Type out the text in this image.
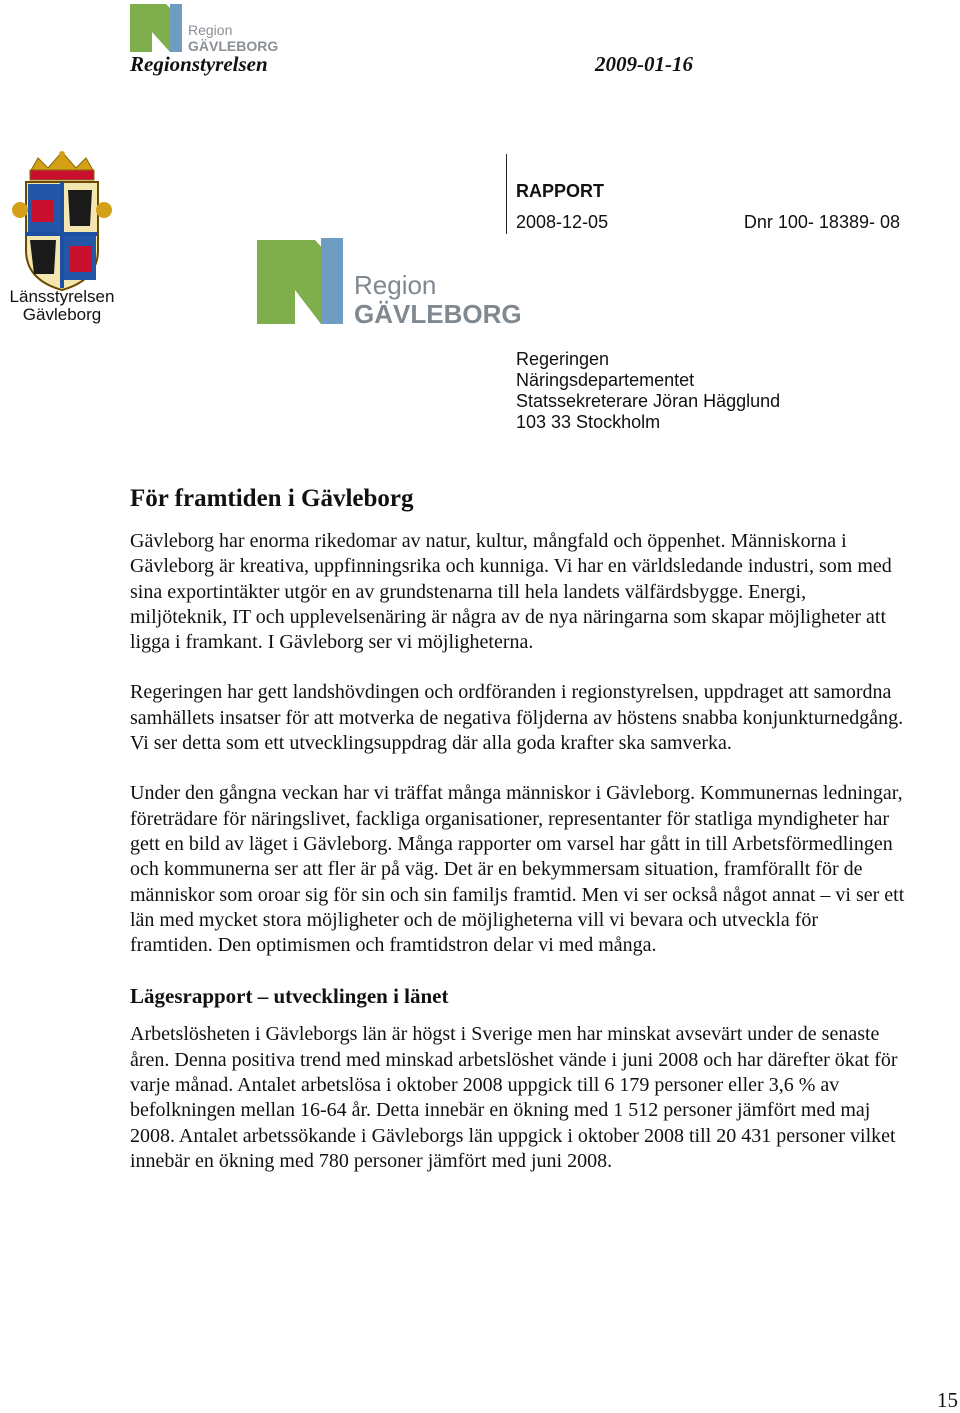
Region
GÄVLEBORG
Regionstyrelsen	2009-01-16
Länsstyrelsen
Gävleborg
Region
GÄVLEBORG
RAPPORT
2008-12-05	Dnr 100- 18389- 08
Regeringen
Näringsdepartementet
Statssekreterare Jöran Hägglund
103 33 Stockholm
För framtiden i Gävleborg

Gävleborg har enorma rikedomar av natur, kultur, mångfald och öppenhet. Människorna i Gävleborg är kreativa, uppfinningsrika och kunniga. Vi har en världsledande industri, som med sina exportintäkter utgör en av grundstenarna till hela landets välfärdsbygge. Energi, miljöteknik, IT och upplevelsenäring är några av de nya näringarna som skapar möjligheter att ligga i framkant. I Gävleborg ser vi möjligheterna.

Regeringen har gett landshövdingen och ordföranden i regionstyrelsen, uppdraget att samordna samhällets insatser för att motverka de negativa följderna av höstens snabba konjunkturnedgång. Vi ser detta som ett utvecklingsuppdrag där alla goda krafter ska samverka.

Under den gångna veckan har vi träffat många människor i Gävleborg. Kommunernas ledningar, företrädare för näringslivet, fackliga organisationer, representanter för statliga myndigheter har gett en bild av läget i Gävleborg. Många rapporter om varsel har gått in till Arbetsförmedlingen och kommunerna ser att fler är på väg. Det är en bekymmersam situation, framförallt för de människor som oroar sig för sin och sin familjs framtid. Men vi ser också något annat – vi ser ett län med mycket stora möjligheter och de möjligheterna vill vi bevara och utveckla för framtiden. Den optimismen och framtidstron delar vi med många.

Lägesrapport – utvecklingen i länet

Arbetslösheten i Gävleborgs län är högst i Sverige men har minskat avsevärt under de senaste åren. Denna positiva trend med minskad arbetslöshet vände i juni 2008 och har därefter ökat för varje månad. Antalet arbetslösa i oktober 2008 uppgick till 6 179 personer eller 3,6 % av befolkningen mellan 16-64 år. Detta innebär en ökning med 1 512 personer jämfört med maj 2008. Antalet arbetssökande i Gävleborgs län uppgick i oktober 2008 till 20 431 personer vilket innebär en ökning med 780 personer jämfört med juni 2008.

15
